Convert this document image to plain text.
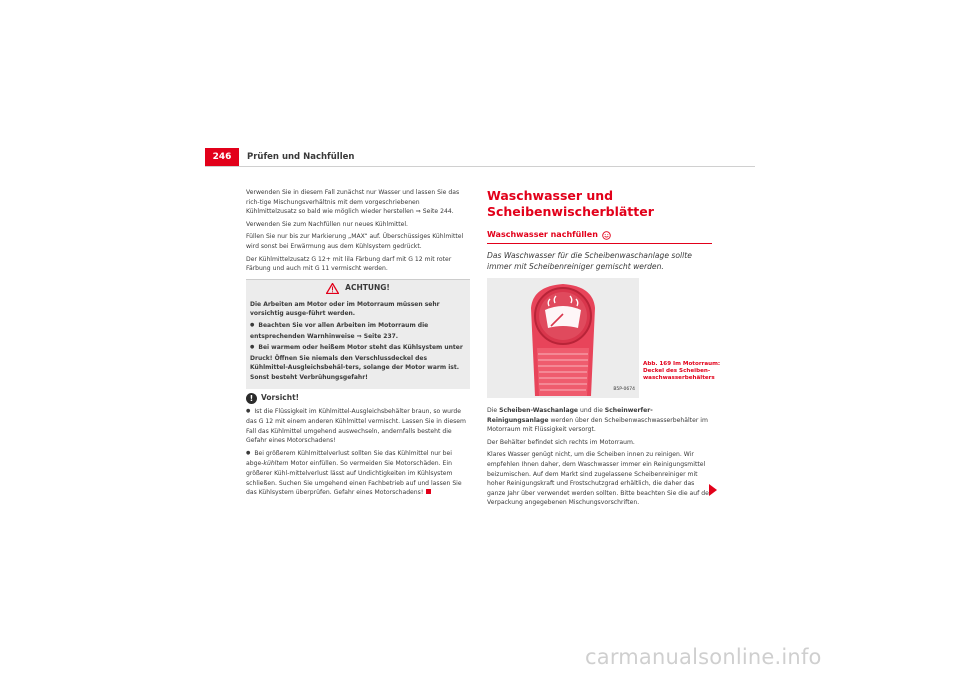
246	Prüfen und Nachfüllen

Verwenden Sie in diesem Fall zunächst nur Wasser und lassen Sie das rich-tige Mischungsverhältnis mit dem vorgeschriebenen Kühlmittelzusatz so bald wie möglich wieder herstellen ⇒ Seite 244.

Verwenden Sie zum Nachfüllen nur neues Kühlmittel.

Füllen Sie nur bis zur Markierung „MAX“ auf. Überschüssiges Kühlmittel wird sonst bei Erwärmung aus dem Kühlsystem gedrückt.

Der Kühlmittelzusatz G 12+ mit lila Färbung darf mit G 12 mit roter Färbung und auch mit G 11 vermischt werden.

ACHTUNG!

Die Arbeiten am Motor oder im Motorraum müssen sehr vorsichtig ausge-führt werden.

● Beachten Sie vor allen Arbeiten im Motorraum die entsprechenden Warnhinweise ⇒ Seite 237.

● Bei warmem oder heißem Motor steht das Kühlsystem unter Druck! Öffnen Sie niemals den Verschlussdeckel des Kühlmittel-Ausgleichsbehäl-ters, solange der Motor warm ist. Sonst besteht Verbrühungsgefahr!

!	Vorsicht!

● Ist die Flüssigkeit im Kühlmittel-Ausgleichsbehälter braun, so wurde das G 12 mit einem anderen Kühlmittel vermischt. Lassen Sie in diesem Fall das Kühlmittel umgehend auswechseln, andernfalls besteht die Gefahr eines Motorschadens!

● Bei größerem Kühlmittelverlust sollten Sie das Kühlmittel nur bei abge-kühltem Motor einfüllen. So vermeiden Sie Motorschäden. Ein größerer Kühl-mittelverlust lässt auf Undichtigkeiten im Kühlsystem schließen. Suchen Sie umgehend einen Fachbetrieb auf und lassen Sie das Kühlsystem überprüfen. Gefahr eines Motorschadens!

Waschwasser und Scheibenwischerblätter
Waschwasser nachfüllen

Das Waschwasser für die Scheibenwaschanlage sollte immer mit Scheibenreiniger gemischt werden.

B5P-0674

Die Scheiben-Waschanlage und die Scheinwerfer-Reinigungsanlage werden über den Scheibenwaschwasserbehälter im Motorraum mit Flüssigkeit versorgt.

Der Behälter befindet sich rechts im Motorraum.

Klares Wasser genügt nicht, um die Scheiben innen zu reinigen. Wir empfehlen Ihnen daher, dem Waschwasser immer ein Reinigungsmittel beizumischen. Auf dem Markt sind zugelassene Scheibenreiniger mit hoher Reinigungskraft und Frostschutzgrad erhältlich, die daher das ganze Jahr über verwendet werden sollten. Bitte beachten Sie die auf der Verpackung angegebenen Mischungsvorschriften.

Abb. 169 Im Motorraum: Deckel des Scheiben-waschwasserbehälters
carmanualsonline.info
